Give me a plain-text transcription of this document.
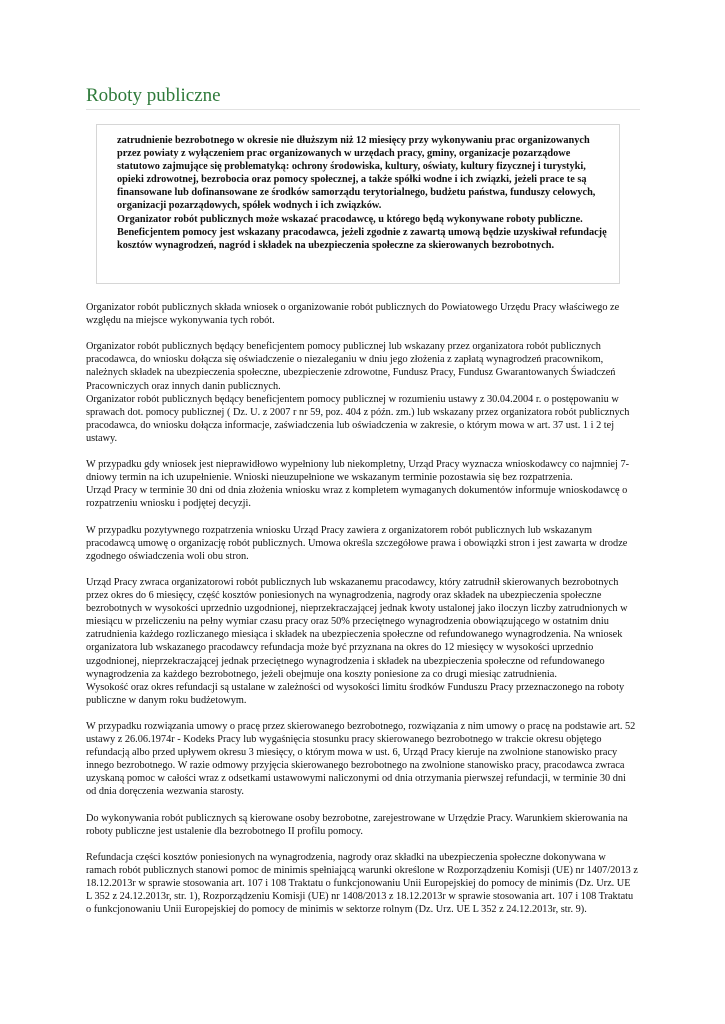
Roboty publiczne

zatrudnienie bezrobotnego w okresie nie dłuższym niż 12 miesięcy przy wykonywaniu prac organizowanych przez powiaty z wyłączeniem prac organizowanych w urzędach pracy, gminy, organizacje pozarządowe statutowo zajmujące się problematyką: ochrony środowiska, kultury, oświaty, kultury fizycznej i turystyki, opieki zdrowotnej, bezrobocia oraz pomocy społecznej, a także spółki wodne i ich związki, jeżeli prace te są finansowane lub dofinansowane ze środków samorządu terytorialnego, budżetu państwa, funduszy celowych, organizacji pozarządowych, spółek wodnych i ich związków.

Organizator robót publicznych może wskazać pracodawcę, u którego będą wykonywane roboty publiczne. Beneficjentem pomocy jest wskazany pracodawca, jeżeli zgodnie z zawartą umową będzie uzyskiwał refundację kosztów wynagrodzeń, nagród i składek na ubezpieczenia społeczne za skierowanych bezrobotnych.

Organizator robót publicznych składa wniosek o organizowanie robót publicznych do Powiatowego Urzędu Pracy właściwego ze względu na miejsce wykonywania tych robót.

Organizator robót publicznych będący beneficjentem pomocy publicznej lub wskazany przez organizatora robót publicznych pracodawca, do wniosku dołącza się oświadczenie o niezaleganiu w dniu jego złożenia z zapłatą wynagrodzeń pracownikom, należnych składek na ubezpieczenia społeczne, ubezpieczenie zdrowotne, Fundusz Pracy, Fundusz Gwarantowanych Świadczeń Pracowniczych oraz innych danin publicznych.
Organizator robót publicznych będący beneficjentem pomocy publicznej w rozumieniu ustawy z 30.04.2004 r. o postępowaniu w sprawach dot. pomocy publicznej ( Dz. U. z 2007 r nr 59, poz. 404 z późn. zm.) lub wskazany przez organizatora robót publicznych pracodawca, do wniosku dołącza informacje, zaświadczenia lub oświadczenia w zakresie, o którym mowa w art. 37 ust. 1 i 2 tej ustawy.
W przypadku gdy wniosek jest nieprawidłowo wypełniony lub niekompletny, Urząd Pracy wyznacza wnioskodawcy co najmniej 7-dniowy termin na ich uzupełnienie. Wnioski nieuzupełnione we wskazanym terminie pozostawia się bez rozpatrzenia.
Urząd Pracy w terminie 30 dni od dnia złożenia wniosku wraz z kompletem wymaganych dokumentów informuje wnioskodawcę o rozpatrzeniu wniosku i podjętej decyzji.

W przypadku pozytywnego rozpatrzenia wniosku Urząd Pracy zawiera z organizatorem robót publicznych lub wskazanym pracodawcą umowę o organizację robót publicznych. Umowa określa szczegółowe prawa i obowiązki stron i jest zawarta w drodze zgodnego oświadczenia woli obu stron.

Urząd Pracy zwraca organizatorowi robót publicznych lub wskazanemu pracodawcy, który zatrudnił skierowanych bezrobotnych przez okres do 6 miesięcy, część kosztów poniesionych na wynagrodzenia, nagrody oraz składek na ubezpieczenia społeczne bezrobotnych w wysokości uprzednio uzgodnionej, nieprzekraczającej jednak kwoty ustalonej jako iloczyn liczby zatrudnionych w miesiącu w przeliczeniu na pełny wymiar czasu pracy oraz 50% przeciętnego wynagrodzenia obowiązującego w ostatnim dniu zatrudnienia każdego rozliczanego miesiąca i składek na ubezpieczenia społeczne od refundowanego wynagrodzenia. Na wniosek organizatora lub wskazanego pracodawcy refundacja może być przyznana na okres do 12 miesięcy w wysokości uprzednio uzgodnionej, nieprzekraczającej jednak przeciętnego wynagrodzenia i składek na ubezpieczenia społeczne od refundowanego wynagrodzenia za każdego bezrobotnego, jeżeli obejmuje ona koszty poniesione za co drugi miesiąc zatrudnienia.
Wysokość oraz okres refundacji są ustalane w zależności od wysokości limitu środków Funduszu Pracy przeznaczonego na roboty publiczne w danym roku budżetowym.

W przypadku rozwiązania umowy o pracę przez skierowanego bezrobotnego, rozwiązania z nim umowy o pracę na podstawie art. 52 ustawy z 26.06.1974r - Kodeks Pracy lub wygaśnięcia stosunku pracy skierowanego bezrobotnego w trakcie okresu objętego refundacją albo przed upływem okresu 3 miesięcy, o którym mowa w ust. 6, Urząd Pracy kieruje na zwolnione stanowisko pracy innego bezrobotnego. W razie odmowy przyjęcia skierowanego bezrobotnego na zwolnione stanowisko pracy, pracodawca zwraca uzyskaną pomoc w całości wraz z odsetkami ustawowymi naliczonymi od dnia otrzymania pierwszej refundacji, w terminie 30 dni od dnia doręczenia wezwania starosty.

Do wykonywania robót publicznych są kierowane osoby bezrobotne, zarejestrowane w Urzędzie Pracy. Warunkiem skierowania na roboty publiczne jest ustalenie dla bezrobotnego II profilu pomocy.

Refundacja części kosztów poniesionych na wynagrodzenia, nagrody oraz składki na ubezpieczenia społeczne dokonywana w ramach robót publicznych stanowi pomoc de minimis spełniającą warunki określone w Rozporządzeniu Komisji (UE) nr 1407/2013 z 18.12.2013r w sprawie stosowania art. 107 i 108 Traktatu o funkcjonowaniu Unii Europejskiej do pomocy de minimis (Dz. Urz. UE L 352 z 24.12.2013r, str. 1), Rozporządzeniu Komisji (UE) nr 1408/2013 z 18.12.2013r w sprawie stosowania art. 107 i 108 Traktatu o funkcjonowaniu Unii Europejskiej do pomocy de minimis w sektorze rolnym (Dz. Urz. UE L 352 z 24.12.2013r, str. 9).
